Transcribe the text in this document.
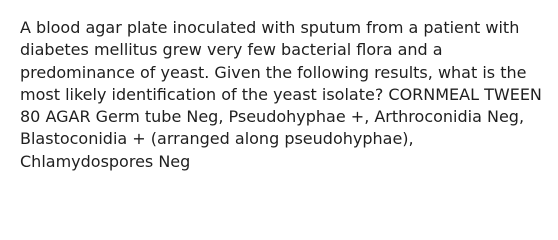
A blood agar plate inoculated with sputum from a patient with
diabetes mellitus grew very few bacterial flora and a
predominance of yeast. Given the following results, what is the
most likely identification of the yeast isolate? CORNMEAL TWEEN
80 AGAR Germ tube Neg, Pseudohyphae +, Arthroconidia Neg,
Blastoconidia + (arranged along pseudohyphae),
Chlamydospores Neg
